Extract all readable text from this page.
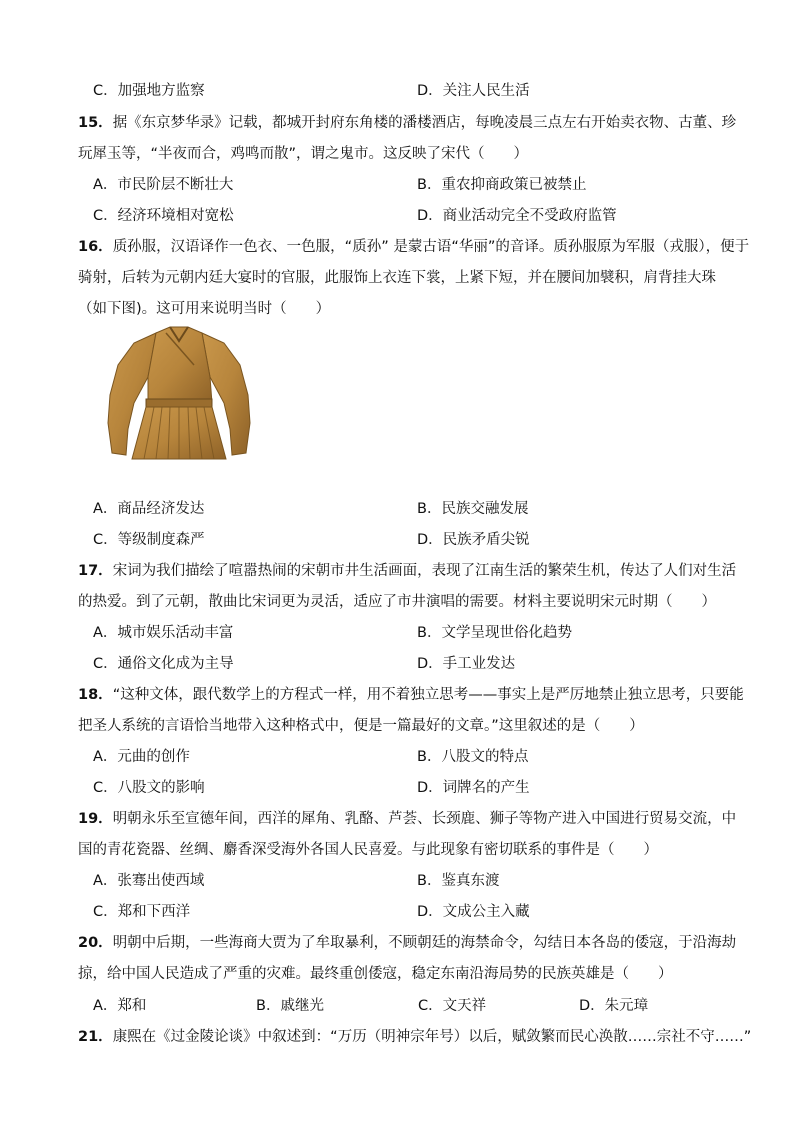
C．加强地方监察	D．关注人民生活
15．据《东京梦华录》记载，都城开封府东角楼的潘楼酒店，每晚凌晨三点左右开始卖衣物、古董、珍
玩犀玉等，“半夜而合，鸡鸣而散”，谓之鬼市。这反映了宋代（　　）
A．市民阶层不断壮大	B．重农抑商政策已被禁止
C．经济环境相对宽松	D．商业活动完全不受政府监管
16．质孙服，汉语译作一色衣、一色服，“质孙” 是蒙古语“华丽”的音译。质孙服原为军服（戎服），便于
骑射，后转为元朝内廷大宴时的官服，此服饰上衣连下裳，上紧下短，并在腰间加襞积，肩背挂大珠
（如下图)。这可用来说明当时（　　）
A．商品经济发达	B．民族交融发展
C．等级制度森严	D．民族矛盾尖锐
17．宋词为我们描绘了喧嚣热闹的宋朝市井生活画面，表现了江南生活的繁荣生机，传达了人们对生活
的热爱。到了元朝，散曲比宋词更为灵活，适应了市井演唱的需要。材料主要说明宋元时期（　　）
A．城市娱乐活动丰富	B．文学呈现世俗化趋势
C．通俗文化成为主导	D．手工业发达
18．“这种文体，跟代数学上的方程式一样，用不着独立思考——事实上是严厉地禁止独立思考，只要能
把圣人系统的言语恰当地带入这种格式中，便是一篇最好的文章。”这里叙述的是（　　）
A．元曲的创作	B．八股文的特点
C．八股文的影响	D．词牌名的产生
19．明朝永乐至宣德年间，西洋的犀角、乳酪、芦荟、长颈鹿、狮子等物产进入中国进行贸易交流，中
国的青花瓷器、丝绸、麝香深受海外各国人民喜爱。与此现象有密切联系的事件是（　　）
A．张骞出使西域	B．鉴真东渡
C．郑和下西洋	D．文成公主入藏
20．明朝中后期，一些海商大贾为了牟取暴利，不顾朝廷的海禁命令，勾结日本各岛的倭寇，于沿海劫
掠，给中国人民造成了严重的灾难。最终重创倭寇，稳定东南沿海局势的民族英雄是（　　）
A．郑和	B．戚继光	C．文天祥	D．朱元璋
21．康熙在《过金陵论谈》中叙述到：“万历（明神宗年号）以后，赋敛繁而民心涣散……宗社不守……”
